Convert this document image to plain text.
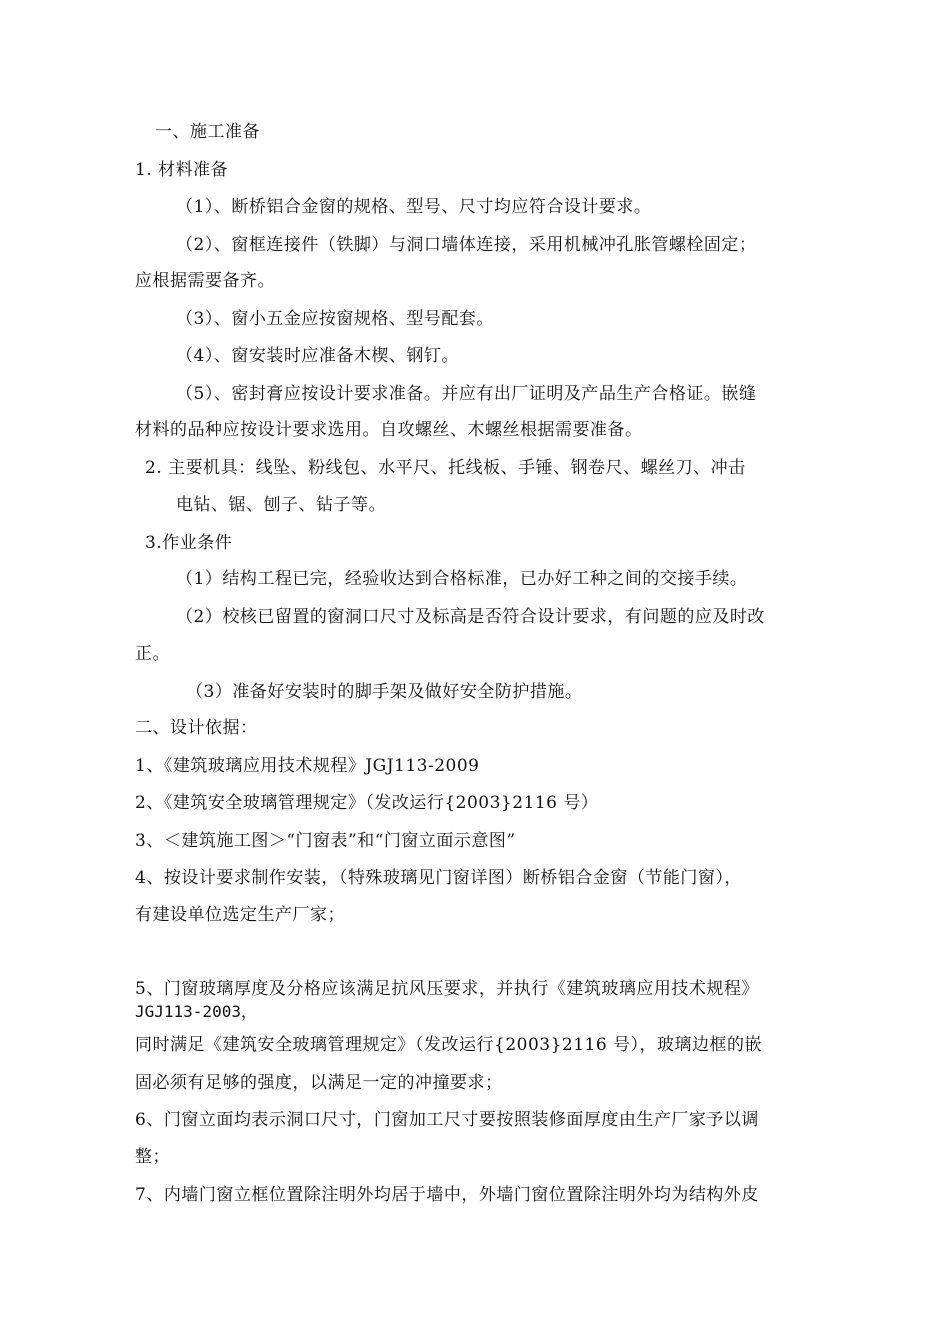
一、施工准备
1. 材料准备
（1）、断桥铝合金窗的规格、型号、尺寸均应符合设计要求。
（2）、窗框连接件（铁脚）与洞口墙体连接，采用机械冲孔胀管螺栓固定；
应根据需要备齐。
（3）、窗小五金应按窗规格、型号配套。
（4）、窗安装时应准备木楔、钢钉。
（5）、密封膏应按设计要求准备。并应有出厂证明及产品生产合格证。嵌缝
材料的品种应按设计要求选用。自攻螺丝、木螺丝根据需要准备。
2. 主要机具：线坠、粉线包、水平尺、托线板、手锤、钢卷尺、螺丝刀、冲击
电钻、锯、刨子、钻子等。
3.作业条件
（1）结构工程已完，经验收达到合格标准，已办好工种之间的交接手续。
（2）校核已留置的窗洞口尺寸及标高是否符合设计要求，有问题的应及时改
正。
（3）准备好安装时的脚手架及做好安全防护措施。
二、设计依据：
1、《建筑玻璃应用技术规程》JGJ113-2009
2、《建筑安全玻璃管理规定》（发改运行{2003}2116 号）
3、＜建筑施工图＞“门窗表”和“门窗立面示意图”
4、按设计要求制作安装，（特殊玻璃见门窗详图）断桥铝合金窗（节能门窗），
有建设单位选定生产厂家；
5、门窗玻璃厚度及分格应该满足抗风压要求，并执行《建筑玻璃应用技术规程》
JGJ113-2003，
同时满足《建筑安全玻璃管理规定》（发改运行{2003}2116 号），玻璃边框的嵌
固必须有足够的强度，以满足一定的冲撞要求；
6、门窗立面均表示洞口尺寸，门窗加工尺寸要按照装修面厚度由生产厂家予以调
整；
7、内墙门窗立框位置除注明外均居于墙中，外墙门窗位置除注明外均为结构外皮
